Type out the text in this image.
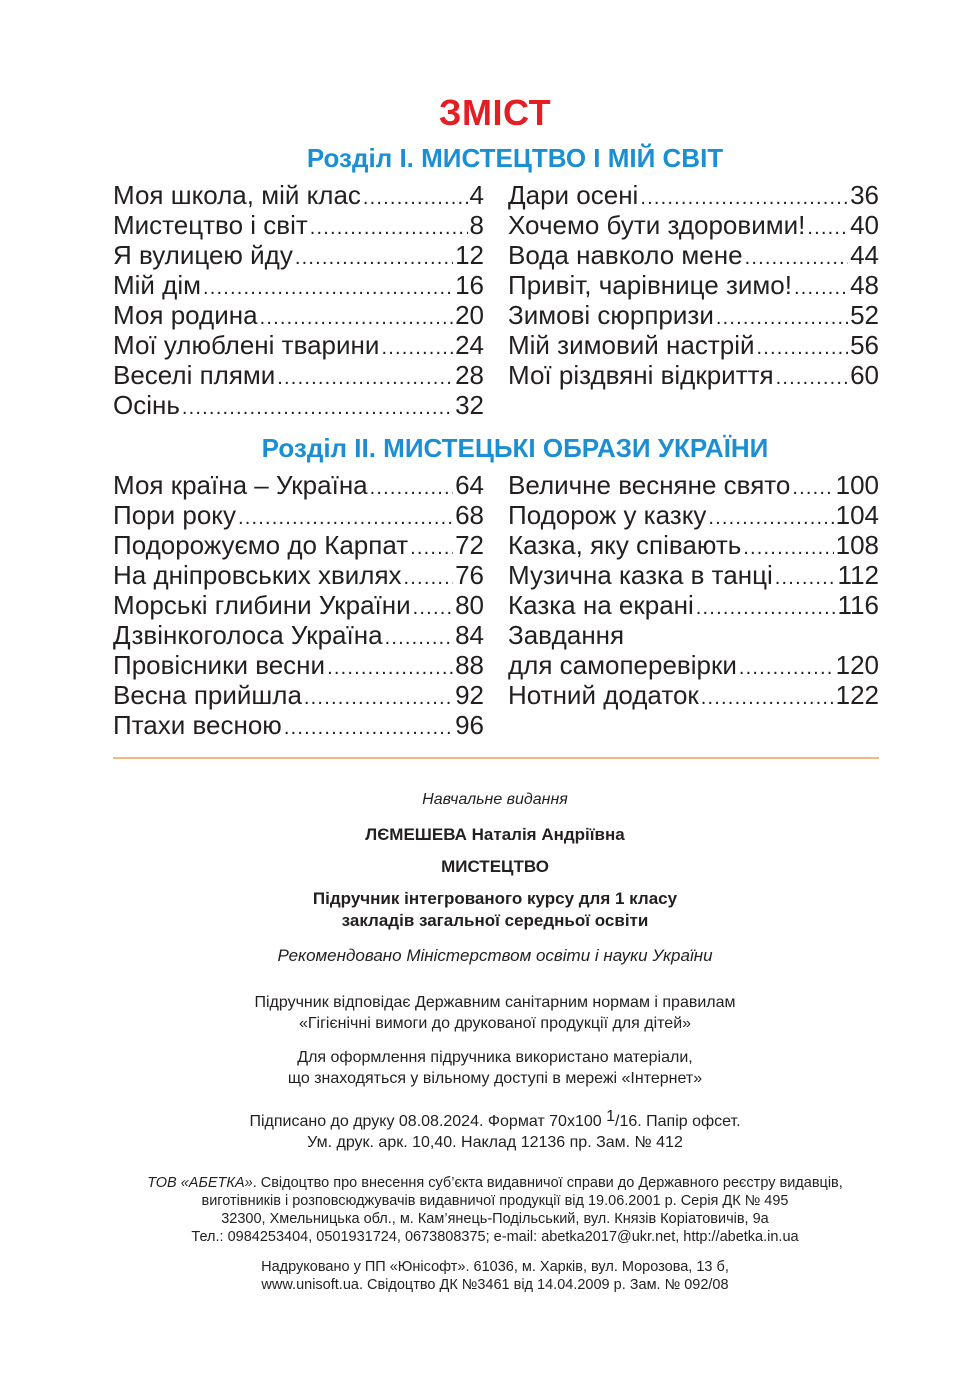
ЗМІСТ
Розділ І. МИСТЕЦТВО І МІЙ СВІТ
Моя школа, мій клас .....	4
Мистецтво і світ .....	8
Я вулицею йду .....	12
Мій дім .....	16
Моя родина .....	20
Мої улюблені тварини .....	24
Веселі плями .....	28
Осінь .....	32
Дари осені .....	36
Хочемо бути здоровими! ..... 40
Вода навколо мене .....	44
Привіт, чарівнице зимо! ..... 48
Зимові сюрпризи .....	52
Мій зимовий настрій .....	56
Мої різдвяні відкриття .....	60
Розділ ІІ. МИСТЕЦЬКІ ОБРАЗИ УКРАЇНИ
Моя країна – Україна .....	64
Пори року .....	68
Подорожуємо до Карпат ..... 72
На дніпровських хвилях ..... 76
Морські глибини України ..... 80
Дзвінкоголоса Україна .....	84
Провісники весни .....	88
Весна прийшла .....	92
Птахи весною .....	96
Величне весняне свято ..... 100
Подорож у казку .....	104
Казка, яку співають .....	108
Музична казка в танці ..... 112
Казка на екрані .....	116
Завдання
для самоперевірки .....	120
Нотний додаток .....	122
Навчальне видання
ЛЄМЕШЕВА Наталія Андріївна
МИСТЕЦТВО
Підручник інтегрованого курсу для 1 класу
закладів загальної середньої освіти
Рекомендовано Міністерством освіти і науки України
Підручник відповідає Державним санітарним нормам і правилам
«Гігієнічні вимоги до друкованої продукції для дітей»
Для оформлення підручника використано матеріали,
що знаходяться у вільному доступі в мережі «Інтернет»
Підписано до друку 08.08.2024. Формат 70х100 $^1$/16. Папір офсет.
Ум. друк. арк. 10,40. Наклад 12136 пр. Зам. № 412
ТОВ «АБЕТКА». Свідоцтво про внесення суб’єкта видавничої справи до Державного реєстру видавців,
виготівників і розповсюджувачів видавничої продукції від 19.06.2001 р. Серія ДК № 495
32300, Хмельницька обл., м. Кам’янець-Подільський, вул. Князів Коріатовичів, 9а
Тел.: 0984253404, 0501931724, 0673808375; e-mail: abetka2017@ukr.net, http://abetka.in.ua
Надруковано у ПП «Юнісофт». 61036, м. Харків, вул. Морозова, 13 б,
www.unisoft.ua. Свідоцтво ДК №3461 від 14.04.2009 р. Зам. № 092/08
